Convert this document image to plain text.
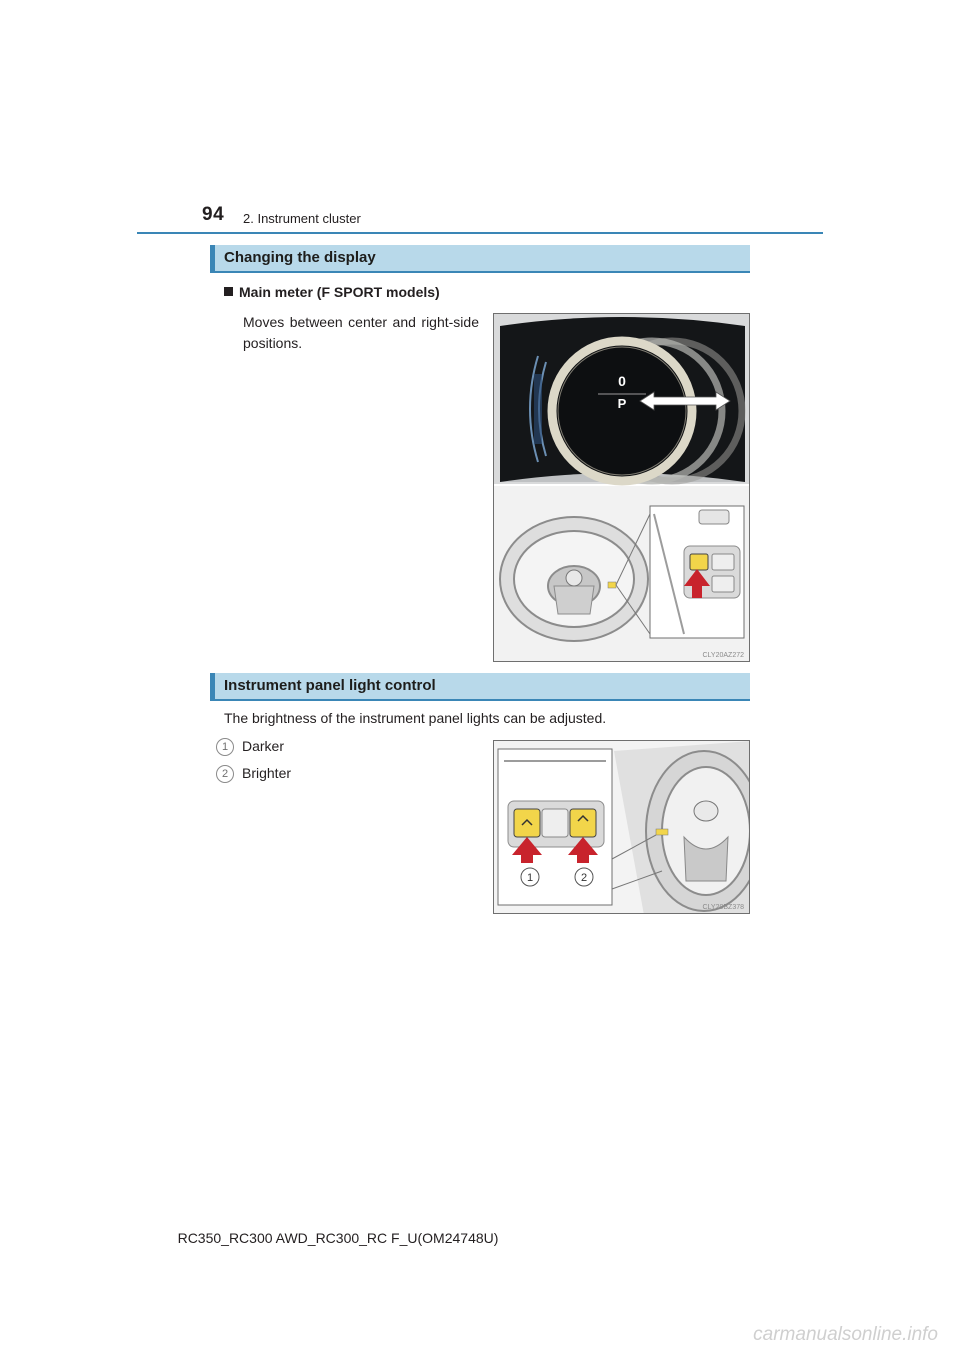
94 2. Instrument cluster
Changing the display
Main meter (F SPORT models)
Moves between center and right-side positions.
0
P
CLY20AZ272
Instrument panel light control
The brightness of the instrument panel lights can be adjusted.
1 Darker
2 Brighter
1	2
CLY20BZ378
RC350_RC300 AWD_RC300_RC F_U(OM24748U)
carmanualsonline.info
